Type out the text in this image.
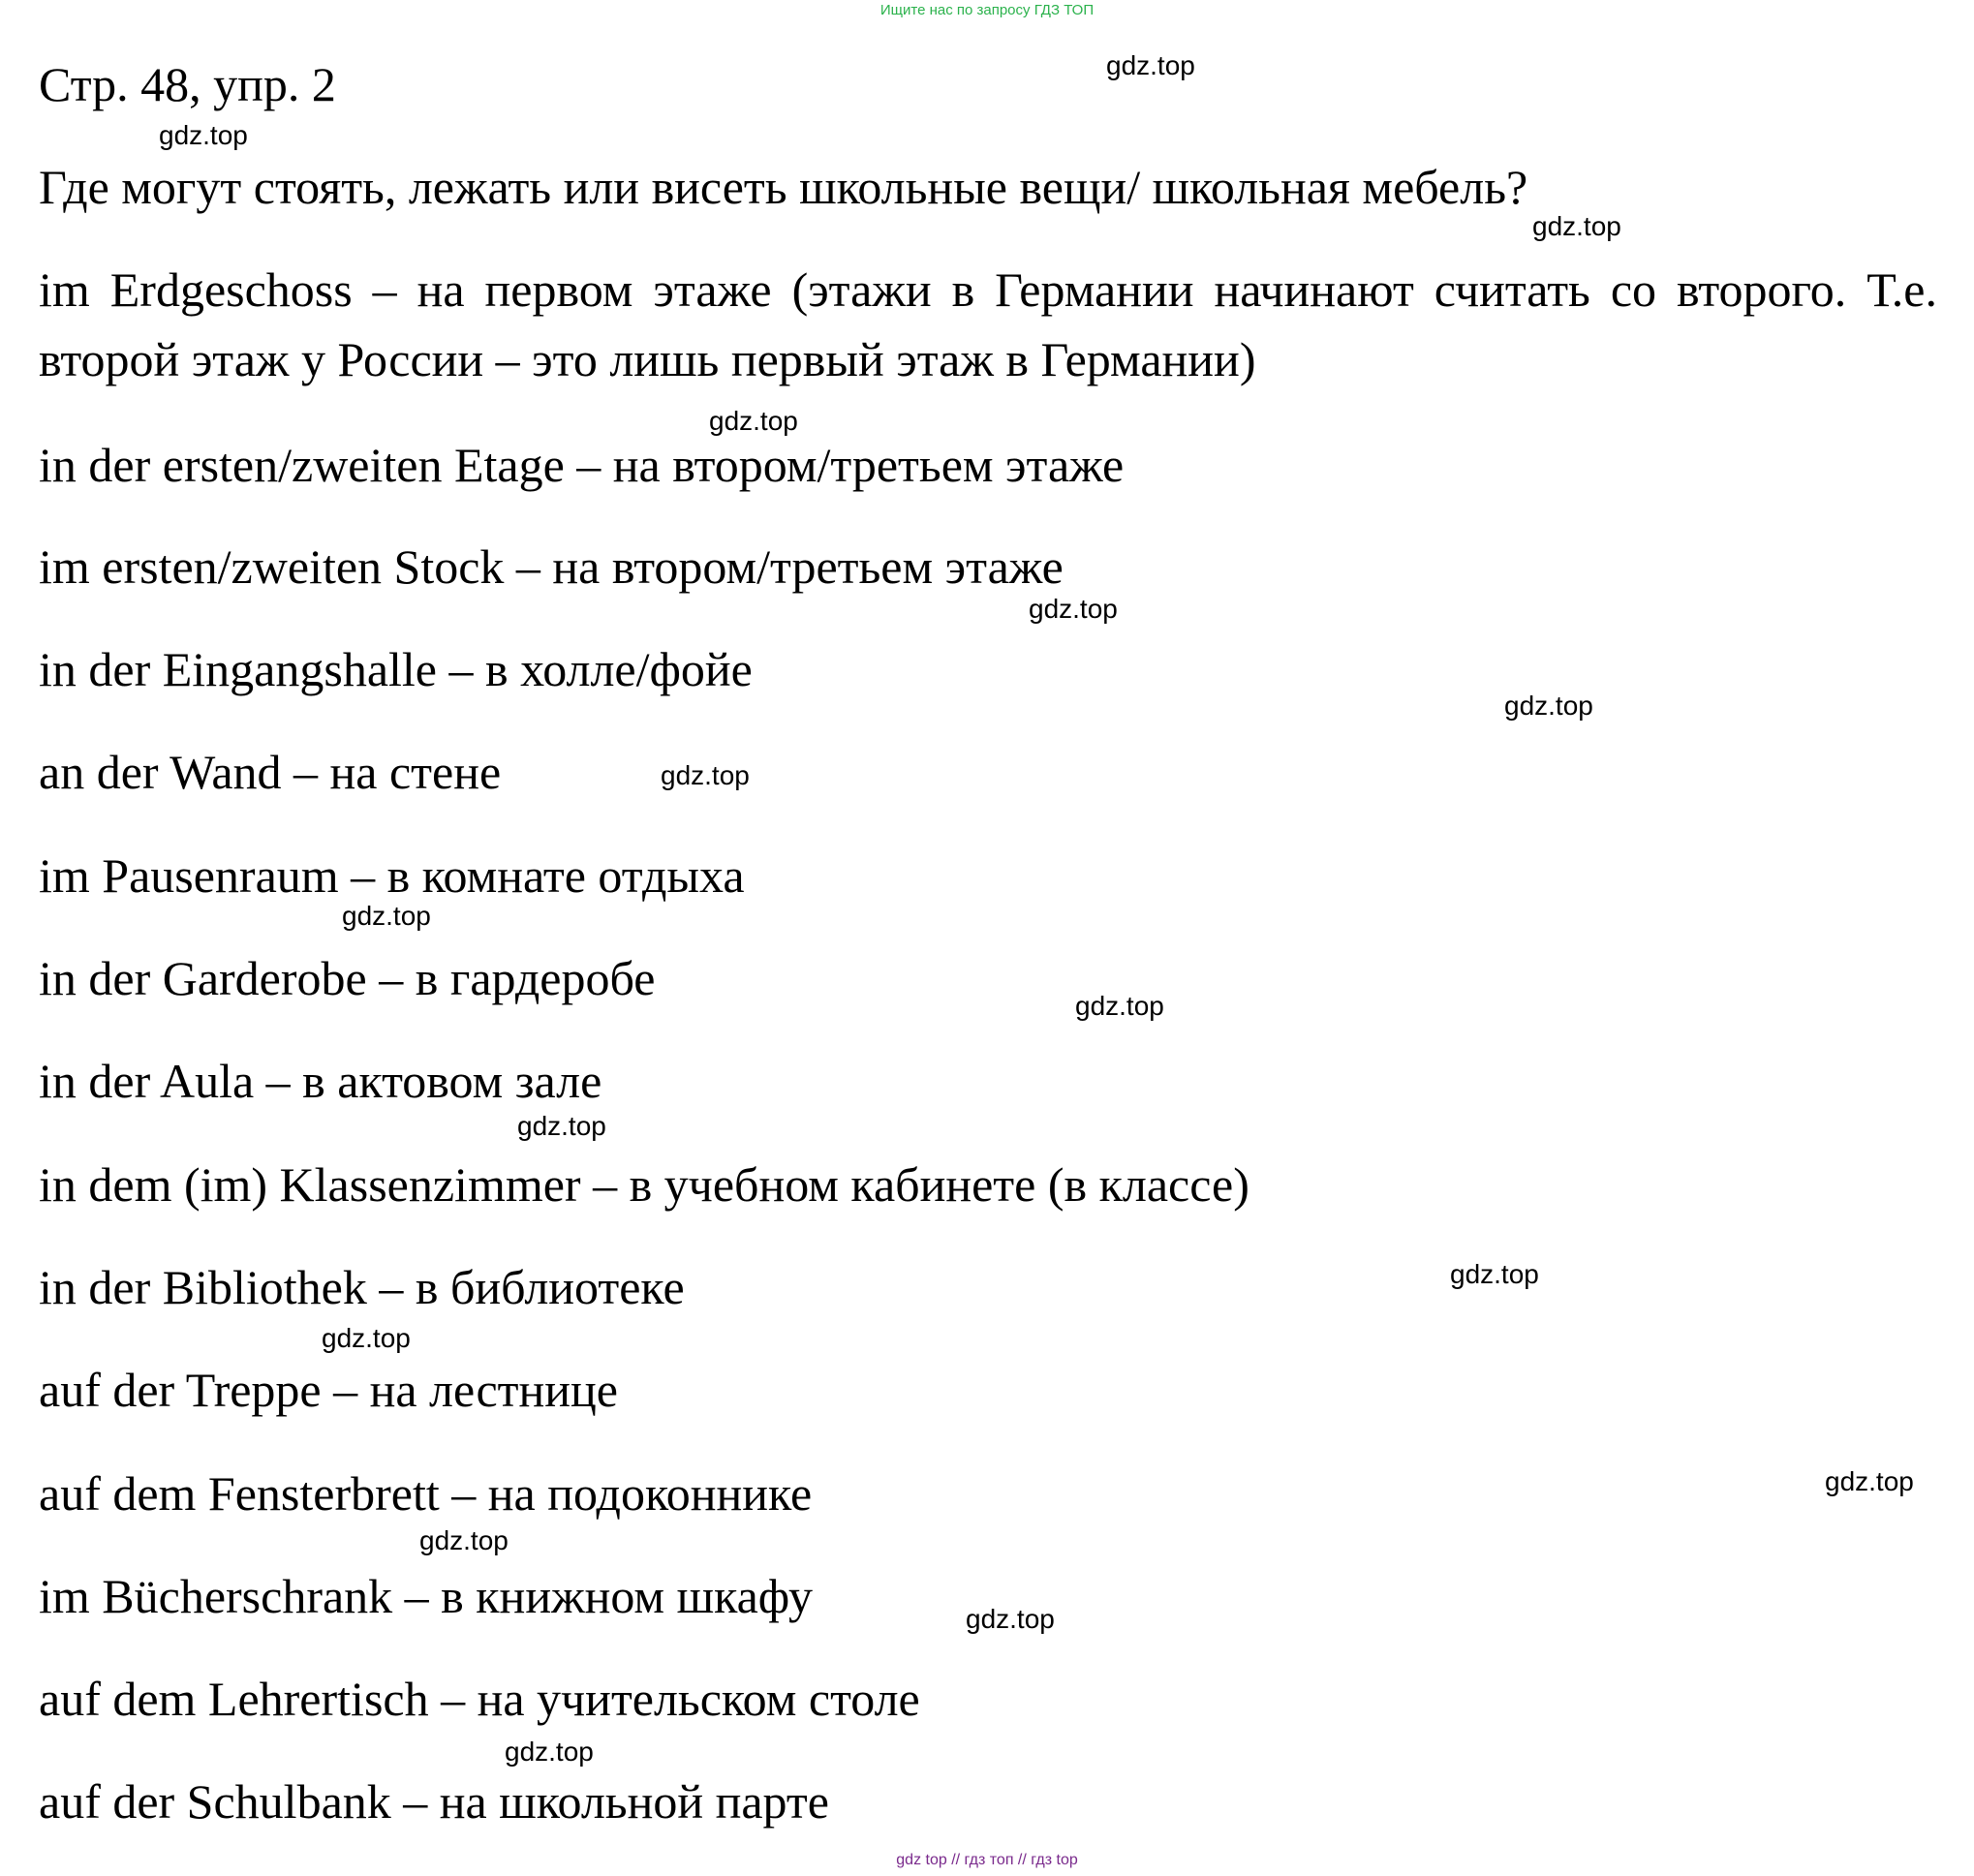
Ищите нас по запросу ГДЗ ТОП
Стр. 48, упр. 2
Где могут стоять, лежать или висеть школьные вещи/ школьная мебель?
im Erdgeschoss – на первом этаже (этажи в Германии начинают считать со второго. Т.е. второй этаж у России – это лишь первый этаж в Германии)
in der ersten/zweiten Etage – на втором/третьем этаже
im ersten/zweiten Stock – на втором/третьем этаже
in der Eingangshalle – в холле/фойе
an der Wand – на стене
im Pausenraum – в комнате отдыха
in der Garderobe – в гардеробе
in der Aula – в актовом зале
in dem (im) Klassenzimmer – в учебном кабинете (в классе)
in der Bibliothek – в библиотеке
auf der Treppe – на лестнице
auf dem Fensterbrett – на подоконнике
im Bücherschrank – в книжном шкафу
auf dem Lehrertisch – на учительском столе
auf der Schulbank – на школьной парте
gdz.top
gdz.top
gdz.top
gdz.top
gdz.top
gdz.top
gdz.top
gdz.top
gdz.top
gdz.top
gdz.top
gdz.top
gdz.top
gdz.top
gdz.top
gdz.top
gdz top // гдз топ // гдз top
